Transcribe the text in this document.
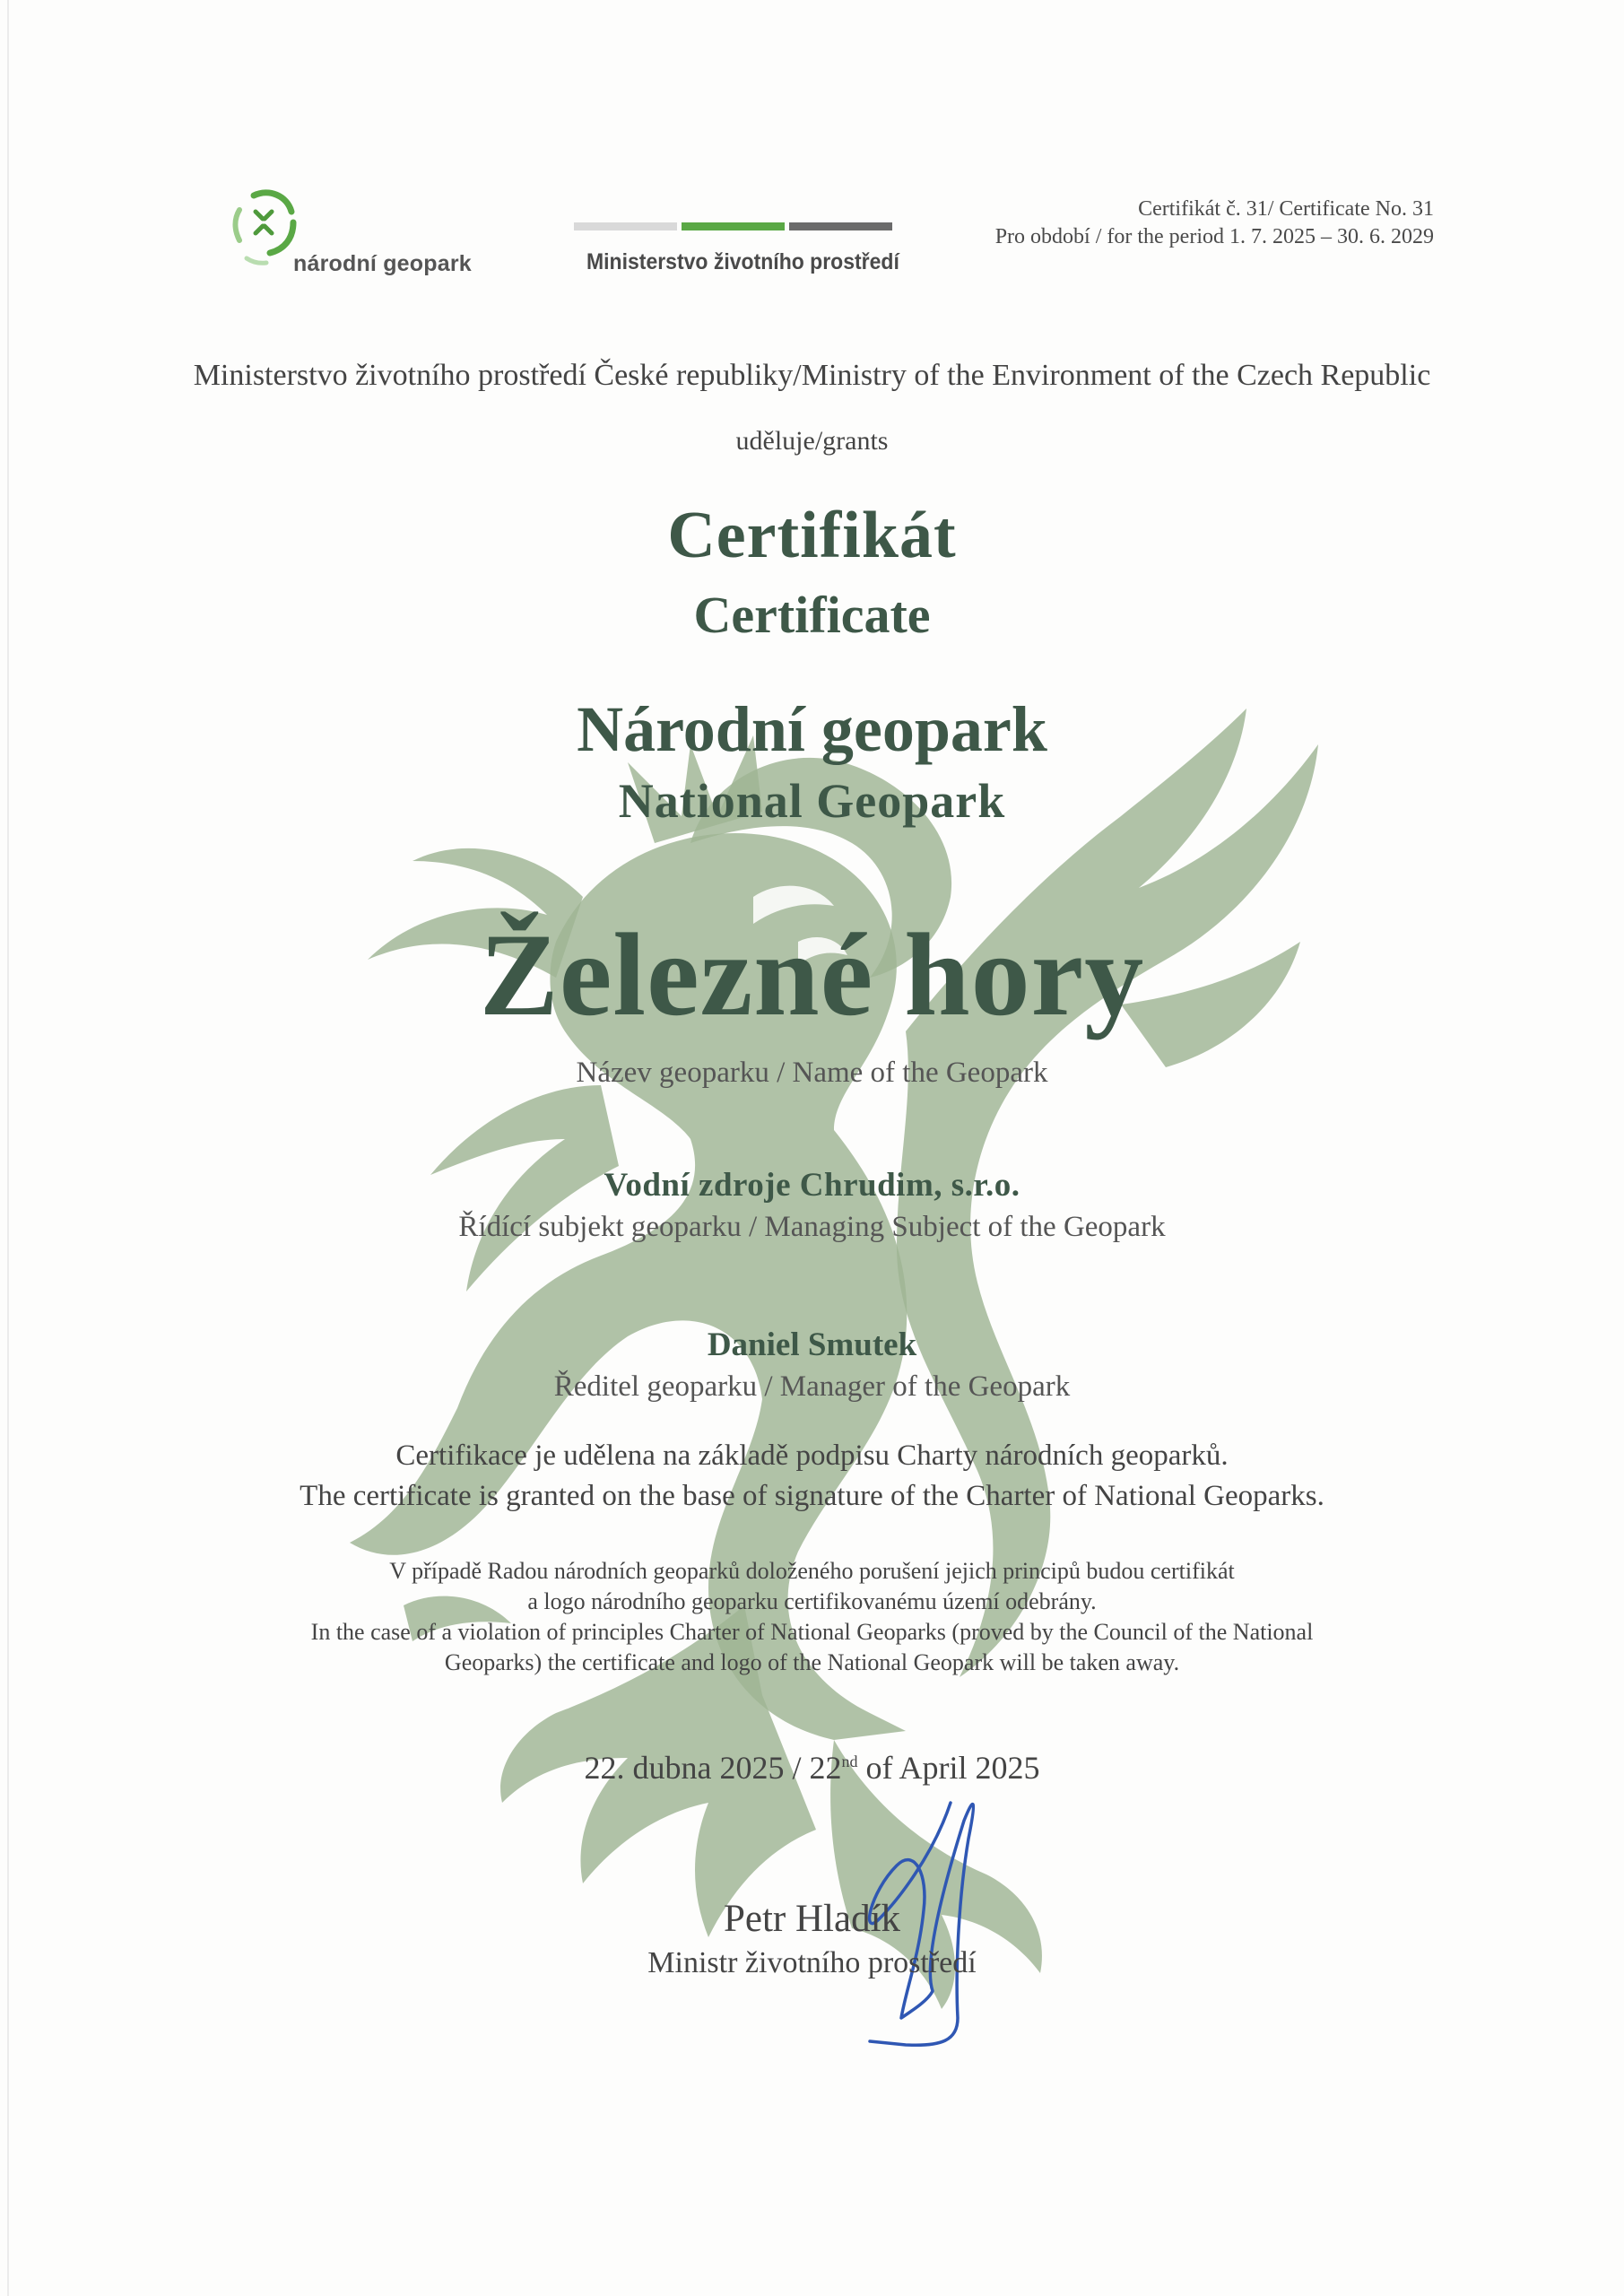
národní geopark	Ministerstvo životního prostředí
Certifikát č. 31/ Certificate No. 31
Pro období / for the period 1. 7. 2025 – 30. 6. 2029
Ministerstvo životního prostředí České republiky/Ministry of the Environment of the Czech Republic
uděluje/grants
Certifikát
Certificate
Národní geopark
National Geopark
Železné hory
Název geoparku / Name of the Geopark
Vodní zdroje Chrudim, s.r.o.
Řídící subjekt geoparku / Managing Subject of the Geopark
Daniel Smutek
Ředitel geoparku / Manager of the Geopark
Certifikace je udělena na základě podpisu Charty národních geoparků.
The certificate is granted on the base of signature of the Charter of National Geoparks.
V případě Radou národních geoparků doloženého porušení jejich principů budou certifikát
a logo národního geoparku certifikovanému území odebrány.
In the case of a violation of principles Charter of National Geoparks (proved by the Council of the National
Geoparks) the certificate and logo of the National Geopark will be taken away.
22. dubna 2025 / 22nd of April 2025
Petr Hladík
Ministr životního prostředí
